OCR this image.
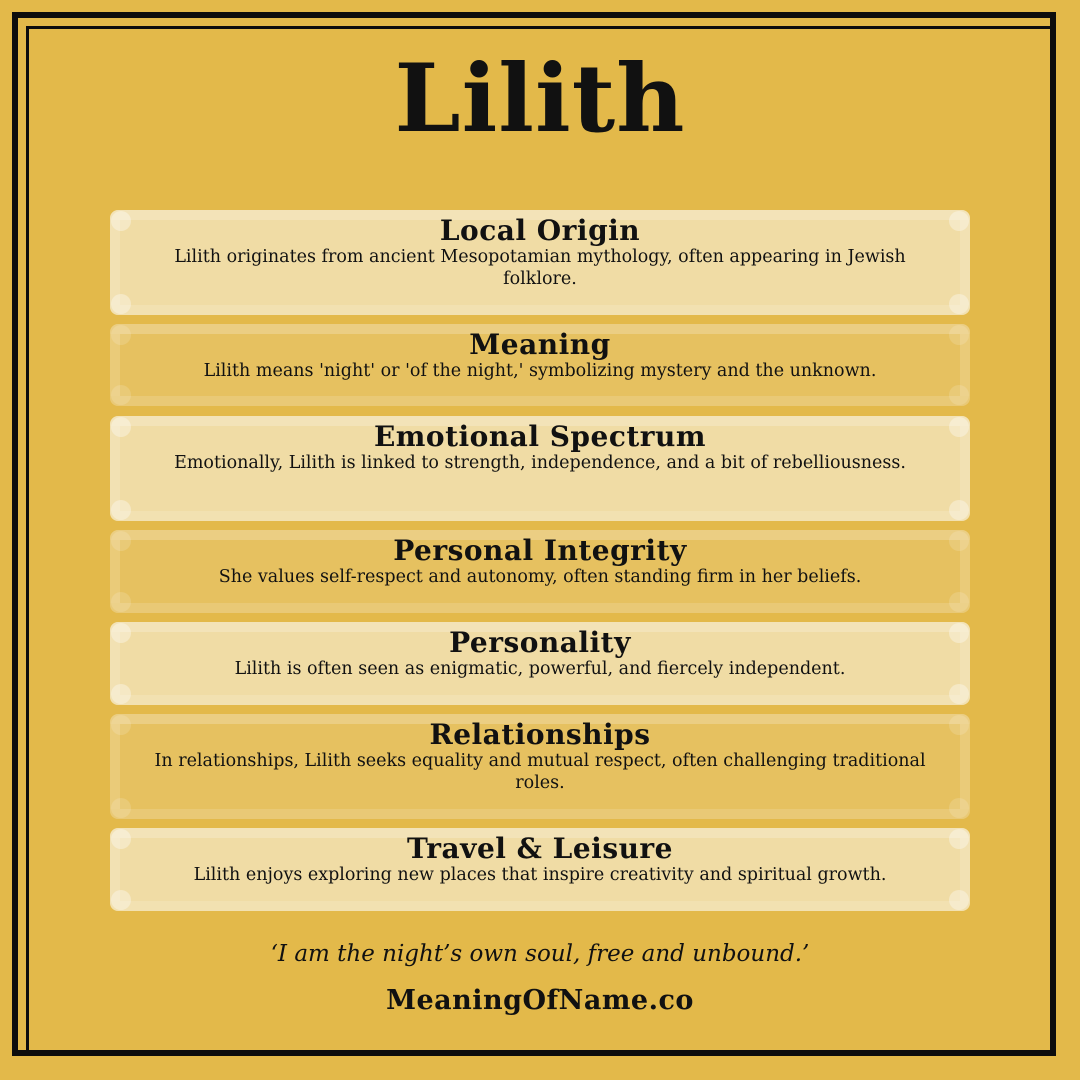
Lilith
Local Origin

Lilith originates from ancient Mesopotamian mythology, often appearing in Jewish folklore.

Meaning

Lilith means 'night' or 'of the night,' symbolizing mystery and the unknown.

Emotional Spectrum

Emotionally, Lilith is linked to strength, independence, and a bit of rebelliousness.

Personal Integrity

She values self-respect and autonomy, often standing firm in her beliefs.

Personality

Lilith is often seen as enigmatic, powerful, and fiercely independent.

Relationships

In relationships, Lilith seeks equality and mutual respect, often challenging traditional roles.

Travel & Leisure

Lilith enjoys exploring new places that inspire creativity and spiritual growth.

‘I am the night’s own soul, free and unbound.’

MeaningOfName.co
